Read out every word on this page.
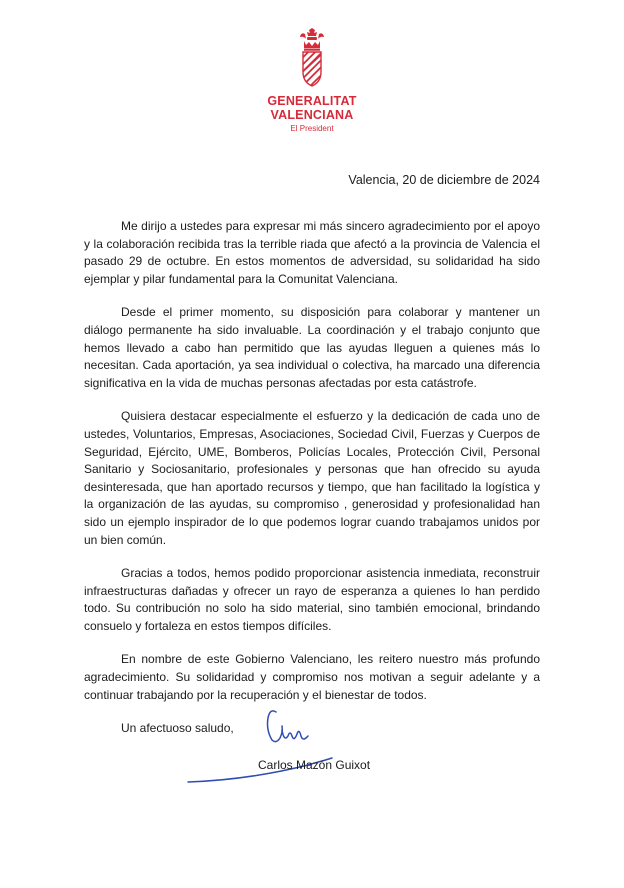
GENERALITAT
VALENCIANA
El President
Valencia, 20 de diciembre de 2024

Me dirijo a ustedes para expresar mi más sincero agradecimiento por el apoyo y la colaboración recibida tras la terrible riada que afectó a la provincia de Valencia el pasado 29 de octubre. En estos momentos de adversidad, su solidaridad ha sido ejemplar y pilar fundamental para la Comunitat Valenciana.

Desde el primer momento, su disposición para colaborar y mantener un diálogo permanente ha sido invaluable. La coordinación y el trabajo conjunto que hemos llevado a cabo han permitido que las ayudas lleguen a quienes más lo necesitan. Cada aportación, ya sea individual o colectiva, ha marcado una diferencia significativa en la vida de muchas personas afectadas por esta catástrofe.

Quisiera destacar especialmente el esfuerzo y la dedicación de cada uno de ustedes, Voluntarios, Empresas, Asociaciones, Sociedad Civil, Fuerzas y Cuerpos de Seguridad, Ejército, UME, Bomberos, Policías Locales, Protección Civil, Personal Sanitario y Sociosanitario, profesionales y personas que han ofrecido su ayuda desinteresada, que han aportado recursos y tiempo, que han facilitado la logística y la organización de las ayudas, su compromiso , generosidad y profesionalidad han sido un ejemplo inspirador de lo que podemos lograr cuando trabajamos unidos por un bien común.

Gracias a todos, hemos podido proporcionar asistencia inmediata, reconstruir infraestructuras dañadas y ofrecer un rayo de esperanza a quienes lo han perdido todo. Su contribución no solo ha sido material, sino también emocional, brindando consuelo y fortaleza en estos tiempos difíciles.

En nombre de este Gobierno Valenciano, les reitero nuestro más profundo agradecimiento. Su solidaridad y compromiso nos motivan a seguir adelante y a continuar trabajando por la recuperación y el bienestar de todos.

Un afectuoso saludo,

Carlos Mazón Guixot
